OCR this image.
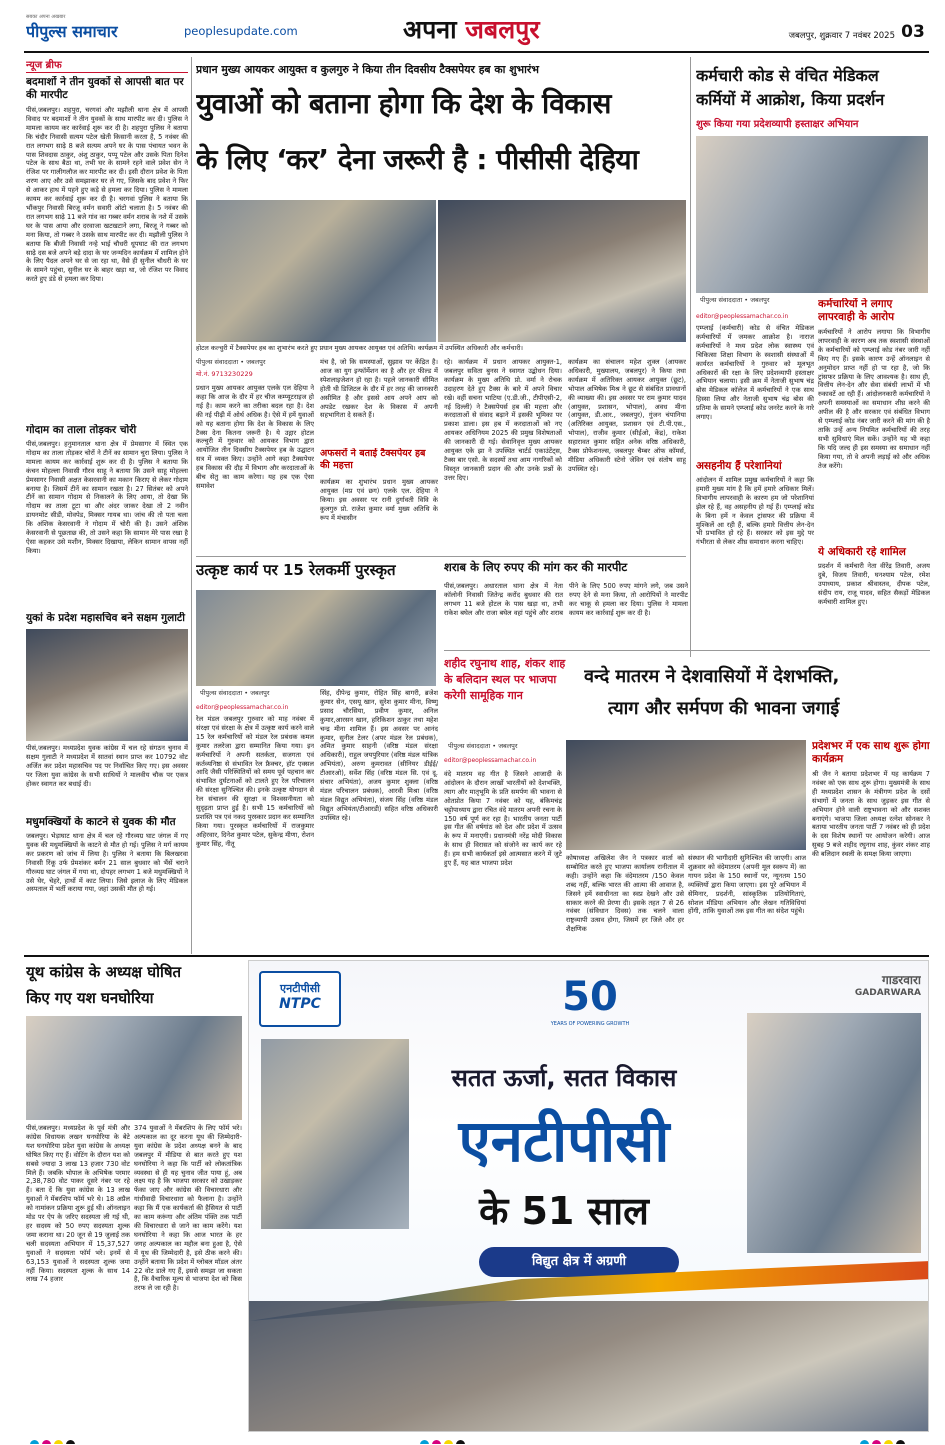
पीपुल्स समाचार
सबका अपना अखबार
peoplesupdate.com	अपना जबलपुर	जबलपुर, शुक्रवार 7 नवंबर 2025 03
न्यूज ब्रीफ
बदमाशों ने तीन युवकों से आपसी बात पर की मारपीट
पीसं,जबलपुर। शहपुरा, चरगवां और मझौली थाना क्षेत्र में आपसी विवाद पर बदमाशों ने तीन युवकों के साथ मारपीट कर दी। पुलिस ने मामला कायम कर कार्रवाई शुरू कर दी है। शहपुरा पुलिस ने बताया कि चंदौर निवासी सत्यम पटेल खेती किसानी करता है, 5 नवंबर की रात लगभग साढ़े 8 बजे सत्यम अपने घर के पास पंचायत भवन के पास शिवदास ठाकुर, अंशु ठाकुर, पप्पू पटेल और उसके पिता दिनेश पटेल के साथ बैठा था, तभी घर के सामने रहने वाले प्रवेश सेन ने रंजिश पर गालीगलौज कर मारपीट कर दी। इसी दौरान प्रवेश के पिता शरण आए और उसे समझाकर घर ले गए, जिसके बाद प्रवेश ने फिर से आकर हाथ में पहने हुए कड़े से हमला कर दिया। पुलिस ने मामला कायम कर कार्रवाई शुरू कर दी है। चरगवां पुलिस ने बताया कि भौंकपुर निवासी बिरजू वर्मन सवारी ऑटो चलाता है। 5 नवंबर की रात लगभग साढ़े 11 बजे गांव का गब्बर वर्मन शराब के नशे में उसके घर के पास आया और दरवाजा खटखटाने लगा, बिरजू ने गब्बर को मना किया, तो गब्बर ने उसके साथ मारपीट कर दी। मझौली पुलिस ने बताया कि बीजी निवासी नन्हे भाई चौधरी धूपघाट की रात लगभग साढ़े दस बजे अपने बड़े दादा के घर जन्मदिन कार्यक्रम में शामिल होने के लिए पैदल अपने घर से जा रहा था, वैसे ही सुनील चौधरी के घर के सामने पहुंचा, सुनील घर के बाहर खड़ा था, जो रंजिश पर विवाद करते हुए डंडे से हमला कर दिया।
गोदाम का ताला तोड़कर चोरी
पीसं,जबलपुर। हनुमानताल थाना क्षेत्र में प्रेमसागर में स्थित एक गोदाम का ताला तोड़कर चोरों ने टीनें का सामान चुरा लिया। पुलिस ने मामला कायम कर कार्रवाई शुरू कर दी है। पुलिस ने बताया कि कंचन मोहल्ला निवासी गौरव साहू ने बताया कि उसने साहू मोहल्ला प्रेमसागर निवासी अक्षत केसरवानी का मकान किराए से लेकर गोदाम बनाया है। जिसमें टीनें का सामान रखता है। 27 सितंबर को अपने टीनें का सामान गोदाम से निकालने के लिए आया, तो देखा कि गोदाम का ताला टूटा था और अंदर जाकर देखा तो 2 नवीन डायनमोट सीडी, मोवपेड, मिक्सर गायब था। जांच की तो पता चला कि अंशिक केसरवानी ने गोदाम में चोरी की है। उसने अंशिक केसरवानी से पूछताछ की, तो उसने कहा कि सामान मेरे पास रखा है ऐसा कहकर उसे मशीन, मिक्सर दिखाया, लेकिन सामान वापस नहीं किया।
युकां के प्रदेश महासचिव बने सक्षम गुलाटी
पीसं,जबलपुर। मध्यप्रदेश युवक कांग्रेस में चल रहे संगठन चुनाव में सक्षम गुलाटी ने मध्यप्रदेश में सातवां स्थान प्राप्त कर 10792 वोट अर्जित कर प्रदेश महासचिव पद पर निर्वाचित किए गए। इस अवसर पर जिला युवा कांग्रेस के सभी साथियों ने मालवीय चौक पर एकत्र होकर स्वागत कर बधाई दी।
मधुमक्खियों के काटने से युवक की मौत
जबलपुर। भेड़ाघाट थाना क्षेत्र में चल रहे गौरव्यग्र घाट जंगल में गए युवक की मधुमक्खियों के काटने से मौत हो गई। पुलिस ने मर्ग कायम कर प्रकरण को जांच में लिया है। पुलिस ने बताया कि बिलखरवा निवासी रिंकू उर्फ प्रेमशंकर बर्मन 21 साल बुधवार को भैंसें चराने गौरव्यग्र घाट जंगल में गया था, दोपहर लगभग 1 बजे मधुमक्खियों ने उसे घेर, चेहरे, हाथों में काट लिया। जिसे इलाज के लिए मेडिकल अस्पताल में भर्ती कराया गया, जहां उसकी मौत हो गई।
प्रधान मुख्य आयकर आयुक्त व कुलगुरु ने किया तीन दिवसीय टैक्सपेयर हब का शुभारंभ
युवाओं को बताना होगा कि देश के विकास
के लिए ‘कर’ देना जरूरी है : पीसीसी देहिया
होटल कल्चुरी में टैक्सपेयर हब का शुभारंभ करते हुए प्रधान मुख्य आयकर आयुक्त एवं अतिथि। कार्यक्रम में उपस्थित अधिकारी और कर्मचारी।
पीपुल्स संवाददाता • जबलपुर
मो.नं. 9713230229
प्रधान मुख्य आयकर आयुक्त एलके एल देहिया ने कहा कि आज के दौर में हर चीज कम्प्यूटराइज हो गई है। काम करने का तरीका बदल रहा है। देश की नई पीढ़ी में ओर्थ अधिक है। ऐसे में हमें युवाओं को यह बताना होगा कि देश के विकास के लिए टैक्स देना कितना जरूरी है। ये उद्गार होटल कल्चुरी में गुरुवार को आयकर विभाग द्वारा आयोजित तीन दिवसीय टैक्सपेयर हब के उद्घाटन सत्र में व्यक्त किए। उन्होंने आगे कहा टैक्सपेयर हब विकास की दौड़ में विभाग और करदाताओं के बीच सेतु का काम करेगा। यह हब एक ऐसा समावेश
मंच है, जो कि समस्याओं, सुझाव पर केंद्रित है। आज का युग इन्फॉर्मेशन का है और हर फील्ड में स्पेशलाइजेशन हो रहा है। पहले जानकारी सीमित होती थी डिजिटल के दौर में हर तरह की जानकारी असीमित है और इससे आय अपने आप को अपडेट रखकर देश के विकास में अपनी सहभागिता दे सकते हैं।
अफसरों ने बताई टैक्सपेयर हब की महत्ता
कार्यक्रम का शुभारंभ प्रधान मुख्य आयकर आयुक्त (मप्र एवं छग) एलके एल. देहिया ने किया। इस अवसर पर रानी दुर्गावती विवि के कुलगुरु प्रो. राजेश कुमार वर्मा मुख्य अतिथि के रूप में मंचासीन
रहे। कार्यक्रम में प्रधान आयकर आयुक्त-1, जबलपुर सविता बुनस ने स्वागत उद्बोधन दिया। कार्यक्रम के मुख्य अतिथि प्रो. वर्मा ने रोचक उदाहरण देते हुए टैक्स के बारे में अपने विचार रखे। वहीं सचना भाटिया (ए.डी.जी., टीपीएसी-2, नई दिल्ली) ने टैक्सपेयर्स हब की महत्ता और करदाताओं से संवाद बढ़ाने में इसकी भूमिका पर प्रकाश डाला। इस हब में करदाताओं को नए आयकर अधिनियम 2025 की प्रमुख विशेषताओं की जानकारी दी गई। सेवानिवृत्त मुख्य आयकर आयुक्त एके झा ने उपस्थित चार्टर्ड एकाउंटेंट्स, टैक्स बार एसो. के सदस्यों तथा आम नागरिकों को विस्तृत जानकारी प्रदान की और उनके प्रश्नों के उत्तर दिए।
कार्यक्रम का संचालन महेश शुक्ल (आयकर अधिकारी, मुख्यालय, जबलपुर) ने किया तथा कार्यक्रम में अतिरिक्त आयकर आयुक्त (छूट), भोपाल अभिषेक मिश्र ने छूट से संबंधित प्रावधानों की व्याख्या की। इस अवसर पर राम कुमार यादव (आयुक्त, प्रशासन, भोपाल), अवध मीना (आयुक्त, डी.आर., जबलपुर), गुंजन चंपानिया (अतिरिक्त आयुक्त, प्रशासन एवं टी.पी.एस., भोपाल), राजीव कुमार (सीईओ, केंद्र), राकेश सहारावत कुमार सहित अनेक वरिष्ठ अधिकारी, टैक्स प्रोफेशनल्स, जबलपुर चैम्बर ऑफ कॉमर्स, मीडिया अधिकारी स्टेनो जेविन एवं संतोष साहू उपस्थित रहे।
कर्मचारी कोड से वंचित मेडिकल
कर्मियों में आक्रोश, किया प्रदर्शन
शुरू किया गया प्रदेशव्यापी हस्ताक्षर अभियान
पीपुल्स संवाददाता • जबलपुर
editor@peoplessamachar.co.in
एम्प्लाई (कर्मचारी) कोड से वंचित मेडिकल कर्मचारियों में जमकर आक्रोश है। नाराज कर्मचारियों ने मध्य प्रदेश लोक स्वास्थ्य एवं चिकित्सा शिक्षा विभाग के स्वशासी संस्थाओं में कार्यरत कर्मचारियों ने गुरुवार को मूलभूत अधिकारों की रक्षा के लिए प्रदेशव्यापी हस्ताक्षर अभियान चलाया। इसी क्रम में नेताजी सुभाष चंद्र बोस मेडिकल कॉलेज में कर्मचारियों ने एक साथ हिस्सा लिया और नेताजी सुभाष चंद्र बोस की प्रतिमा के सामने एम्प्लाई कोड जनरेट करने के नारे लगाए।
असहनीय हैं परेशानियां
आंदोलन में शामिल प्रमुख कर्मचारियों ने कहा कि हमारी मुख्य मांग है कि हमें हमारे अधिकार मिलें। विभागीय लापरवाही के कारण हम जो परेशानियां झेल रहे हैं, वह असहनीय हो गई हैं। एम्प्लाई कोड के बिना हमें न केवल ट्रांसफर की प्रक्रिया में मुश्किलें आ रही हैं, बल्कि हमारे वित्तीय लेन-देन भी प्रभावित हो रहे हैं। सरकार को इस मुद्दे पर गंभीरता से लेकर शीघ्र समाधान करना चाहिए।
कर्मचारियों ने लगाए लापरवाही के आरोप
कर्मचारियों ने आरोप लगाया कि विभागीय लापरवाही के कारण अब तक स्वशासी संस्थाओं के कर्मचारियों को एम्प्लाई कोड नंबर जारी नहीं किए गए हैं। इसके कारण उन्हें ऑनलाइन से अनुमोदन प्राप्त नहीं हो पा रहा है, जो कि ट्रांसफर प्रक्रिया के लिए आवश्यक है। साथ ही, वित्तीय लेन-देन और सेवा संबंधी लाभों में भी रुकावटें आ रही हैं। आंदोलनकारी कर्मचारियों ने अपनी समस्याओं का समाधान शीघ्र करने की अपील की है और सरकार एवं संबंधित विभाग से एम्प्लाई कोड नंबर जारी करने की मांग की है ताकि उन्हें अन्य नियमित कर्मचारियों की तरह सभी सुविधाएं मिल सकें। उन्होंने यह भी कहा कि यदि जल्द ही इस समस्या का समाधान नहीं किया गया, तो वे अपनी लड़ाई को और अधिक तेज करेंगे।
ये अधिकारी रहे शामिल
प्रदर्शन में कर्मचारी नेता वीरेंद्र तिवारी, अजय दुबे, विजय तिवारी, घनश्याम पटेल, रमेश उपाध्याय, प्रकाश श्रीवास्तव, दीपक पटेल, संदीप राय, राजू यादव, सहित सैकड़ों मेडिकल कर्मचारी शामिल हुए।
उत्कृष्ट कार्य पर 15 रेलकर्मी पुरस्कृत
पीपुल्स संवाददाता • जबलपुर
editor@peoplessamachar.co.in
रेल मंडल जबलपुर गुरुवार को माह नवंबर में संरक्षा एवं संरक्षा के क्षेत्र में उत्कृष्ट कार्य करने वाले 15 रेल कर्मचारियों को मंडल रेल प्रबंधक कमल कुमार तलरेजा द्वारा सम्मानित किया गया। इन कर्मचारियों ने अपनी सतर्कता, सजगता एवं कर्तव्यनिष्ठा से संभावित रेल फ्रैक्चर, हॉट एक्सल आदि जैसी परिस्थितियों को समय पूर्व पहचान कर संभावित दुर्घटनाओं को टालते हुए रेल परिचालन की संरक्षा सुनिश्चित की। इनके उत्कृष्ट योगदान से रेल संचालन की सुरक्षा व विश्वसनीयता को सुदृढ़ता प्राप्त हुई है। सभी 15 कर्मचारियों को प्रशस्ति पत्र एवं नकद पुरस्कार प्रदान कर सम्मानित किया गया। पुरस्कृत कर्मचारियों में राजकुमार अहिरवार, दिनेश कुमार पटेल, सुकेन्द्र मीणा, रोशन कुमार सिंह, नीतू
सिंह, दीपेन्द्र कुमार, रोहित सिंह बागरी, ब्रजेश कुमार सेन, एसयू खान, सुरेश कुमार मीना, विष्णु प्रसाद चौरसिया, प्रवीण कुमार, अनिल कुमार,आरसन खान, हरिकिशन ठाकुर तथा महेश चन्द्र मीना शामिल हैं। इस अवसर पर आनंद कुमार, सुनील टेलर (अपर मंडल रेल प्रबंधक), अमित कुमार साहनी (वरिष्ठ मंडल संरक्षा अधिकारी), राहुल जयपुरियार (वरिष्ठ मंडल यांत्रिक अभियंता), अरुण कुमरावत (सीनियर डीईई/टीआरओ), सर्वेश सिंह (वरिष्ठ मंडल सि. एवं दू. संचार अभियंता), अजय कुमार शुक्ला (वरिष्ठ मंडल परिचालन प्रबंधक), आरवी मिश्रा (वरिष्ठ मंडल विद्युत अभियंता), संजय सिंह (वरिष्ठ मंडल विद्युत अभियंता/टीआरडी) सहित वरिष्ठ अधिकारी उपस्थित रहे।
शराब के लिए रुपए की मांग कर की मारपीट
पीसं,जबलपुर। अधारताल थाना क्षेत्र में नेता कॉलोनी निवासी जितेन्द्र करोंद बुधवार की रात लगभग 11 बजे होटल के पास खड़ा था, तभी राकेश बघेल और राजा बघेल वहां पहुंचे और शराब पीने के लिए 500 रुपए मांगने लगे, जब उसने रुपए देने से मना किया, तो आरोपियों ने मारपीट कर चाकू से हमला कर दिया। पुलिस ने मामला कायम कर कार्रवाई शुरू कर दी है।
शहीद रघुनाथ शाह, शंकर शाह के बलिदान स्थल पर भाजपा करेगी सामूहिक गान
वन्दे मातरम ने देशवासियों में देशभक्ति,
त्याग और सर्मपण की भावना जगाई
पीपुल्स संवाददाता • जबलपुर
editor@peoplessamachar.co.in
वंदे मातरम वह गीत है जिसने आजादी के आंदोलन के दौरान लाखों भारतीयों को देशभक्ति, त्याग और मातृभूमि के प्रति समर्पण की भावना से ओतप्रोत किया 7 नवंबर को यह, बंकिमचंद्र चट्टोपाध्याय द्वारा रचित वंदे मातरम अपनी रचना के 150 वर्ष पूर्ण कर रहा है। भारतीय जनता पार्टी इस गीत की वर्षगांठ को देश और प्रदेश में उत्सव के रूप में मनाएगी। प्रधानमंत्री नरेंद्र मोदी विकास के साथ ही विरासत को संजोने का कार्य कर रहे हैं। हम सभी कार्यकर्ता इसे आत्मसात करने में जुटे हुए हैं, यह बात भाजपा प्रदेश
कोषाध्यक्ष अखिलेश जैन ने पत्रकार वार्ता को सम्बोधित करते हुए भाजपा कार्यालय रानीताल में कही। उन्होंने कहा कि वंदेमातरम /150 केवल शब्द नहीं, बल्कि भारत की आत्मा की आवाज है, जिसने हमें स्वाधीनता का स्वप्न देखने और उसे साकार करने की प्रेरणा दी। इसके तहत 7 से 26 नवंबर (संविधान दिवस) तक चलने वाला राष्ट्रव्यापी उत्सव होगा, जिसमें हर जिले और हर शैक्षणिक
संस्थान की भागीदारी सुनिश्चित की जाएगी। आज शुक्रवार को वंदेमातरम (अपनी मूल स्वरूप में) का गायन प्रदेश के 150 स्थानों पर, न्यूनतम 150 व्यक्तियों द्वारा किया जाएगा। इस पूरे अभियान में सेमिनार, प्रदर्शनी, सांस्कृतिक प्रतियोगिताएं, सोशल मीडिया अभियान और लेखन गतिविधियां होंगी, ताकि युवाओं तक इस गीत का संदेश पहुंचे।
प्रदेशभर में एक साथ शुरू होगा कार्यक्रम
श्री जैन ने बताया प्रदेशभर में यह कार्यक्रम 7 नवंबर को एक साथ शुरू होगा। मुख्यमंत्री के साथ ही मध्यप्रदेश शासन के मंत्रीगण प्रदेश के दसों संभागों में जनता के साथ जुड़कर इस गीत से अभियान होने वाली राष्ट्रभावना को और सशक्त बनाएंगे। भाजपा जिला अध्यक्ष रत्नेश सोनकर ने बताया भारतीय जनता पार्टी 7 नवंबर को ही प्रदेश के दस विशेष स्थानों पर आयोजन करेगी। आज सुबह 9 बजे शहीद रघुनाथ शाह, कुंवर शंकर शाह की बलिदान स्थली के समक्ष किया जाएगा।
यूथ कांग्रेस के अध्यक्ष घोषित
किए गए यश घनघोरिया
पीसं,जबलपुर। मध्यप्रदेश के पूर्व मंत्री और कांग्रेस विधायक लखन घनघोरिया के बेटे यश घनघोरिया प्रदेश युवा कांग्रेस के अध्यक्ष घोषित किए गए हैं। वोटिंग के दौरान यश को सबसे ज्यादा 3 लाख 13 हजार 730 वोट मिले हैं। जबकि भोपाल के अभिषेक परमार 2,38,780 वोट पाकर दूसरे नंबर पर रहे हैं। बता दें कि युवा कांग्रेस के 13 लाख युवाओं ने मेंबरशिप फॉर्म भरे थे। 18 अप्रैल को नामांकन प्रक्रिया शुरू हुई थी। ऑनलाइन मोड पर ऐप के जरिए सदस्यता ली गई थी, हर सदस्य को 50 रुपए सदस्यता शुल्क जमा कराना था। 20 जून से 19 जुलाई तक चली सदस्यता अभियान में 15,37,527 युवाओं ने सदस्यता फॉर्म भरे। इनमें से 63,153 युवाओं ने सदस्यता शुल्क जमा नहीं किया। सदस्यता शुल्क के साथ 14 लाख 74 हजार
374 युवाओं ने मेंबरशिप के लिए फॉर्म भरे। अल्पकाल का दूर करना यूथ की जिम्मेदारी-युवा कांग्रेस के प्रदेश अध्यक्ष बनने के बाद जबलपुर में मीडिया से बात करते हुए यश घनघोरिया ने कहा कि पार्टी को लोकतांत्रिक व्यवस्था से ही यह चुनाव जीत पाया हूं, अब लक्ष्य यह है कि भाजपा सरकार को उखाड़कर फेंका जाए और कांग्रेस की विचारधारा और गांधीवादी विचारधारा को फैलाना है। उन्होंने कहा कि मैं एक कार्यकर्ता की हैसियत से पार्टी का काम करूंगा और अंतिम पंक्ति तक पार्टी की विचारधारा से जाने का काम करेंगे। यश घनघोरिया ने कहा कि आज भारत के हर जगह अल्पकाल का महौल बना हुआ है, ऐसे में यूथ की जिम्मेदारी है, इसे ठीक करने की। उन्होंने बताया कि प्रदेश में ग्लोबल मॉडल अंतर 22 वोट डाले गए हैं, इससे समझा जा सकता है, कि वैचारिक मूल्य से भाजपा देश को किस तरफ ले जा रही है।
एनटीपीसी
NTPC	50
YEARS OF POWERING GROWTH
गाडरवारा
GADARWARA
सतत ऊर्जा, सतत विकास
एनटीपीसी
के 51 साल
विद्युत क्षेत्र में अग्रणी
